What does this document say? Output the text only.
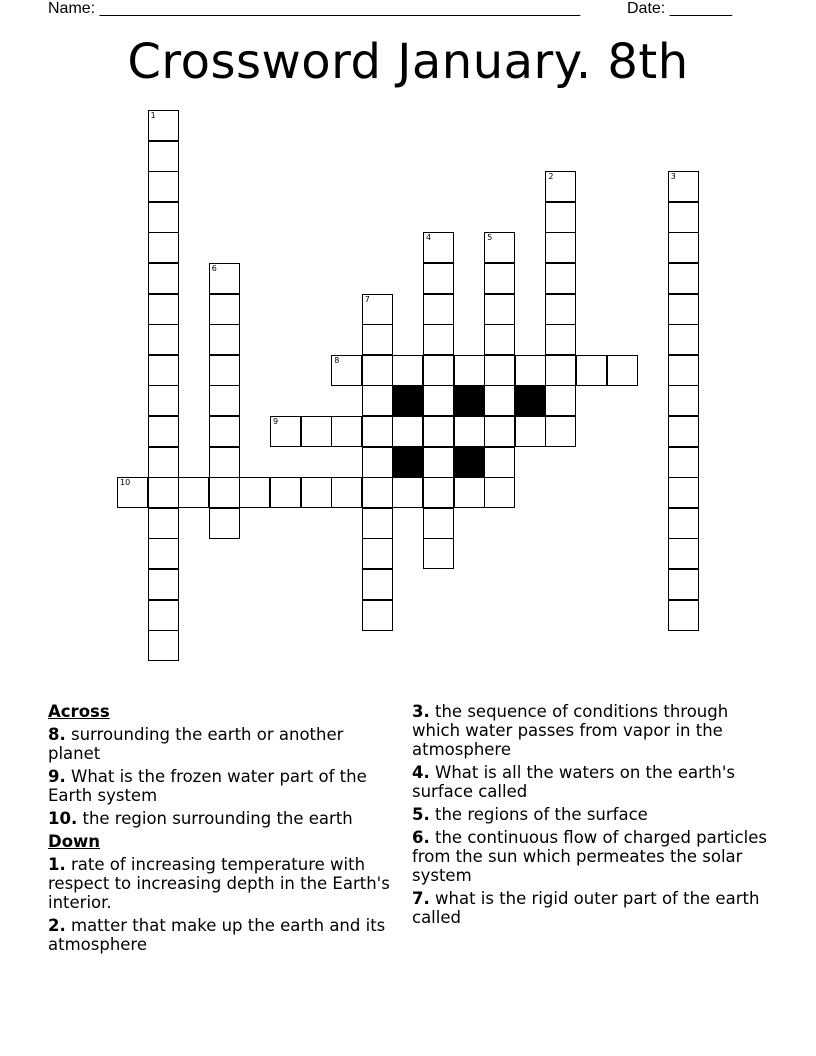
Name: ______________________________________________________	Date: _______
Crossword January. 8th
1
2	3
4	5
6
7
8
9
10
Across
8. surrounding the earth or another planet
9. What is the frozen water part of the Earth system
10. the region surrounding the earth
Down
1. rate of increasing temperature with respect to increasing depth in the Earth's interior.
2. matter that make up the earth and its atmosphere
3. the sequence of conditions through which water passes from vapor in the atmosphere
4. What is all the waters on the earth's surface called
5. the regions of the surface
6. the continuous flow of charged particles from the sun which permeates the solar system
7. what is the rigid outer part of the earth called
